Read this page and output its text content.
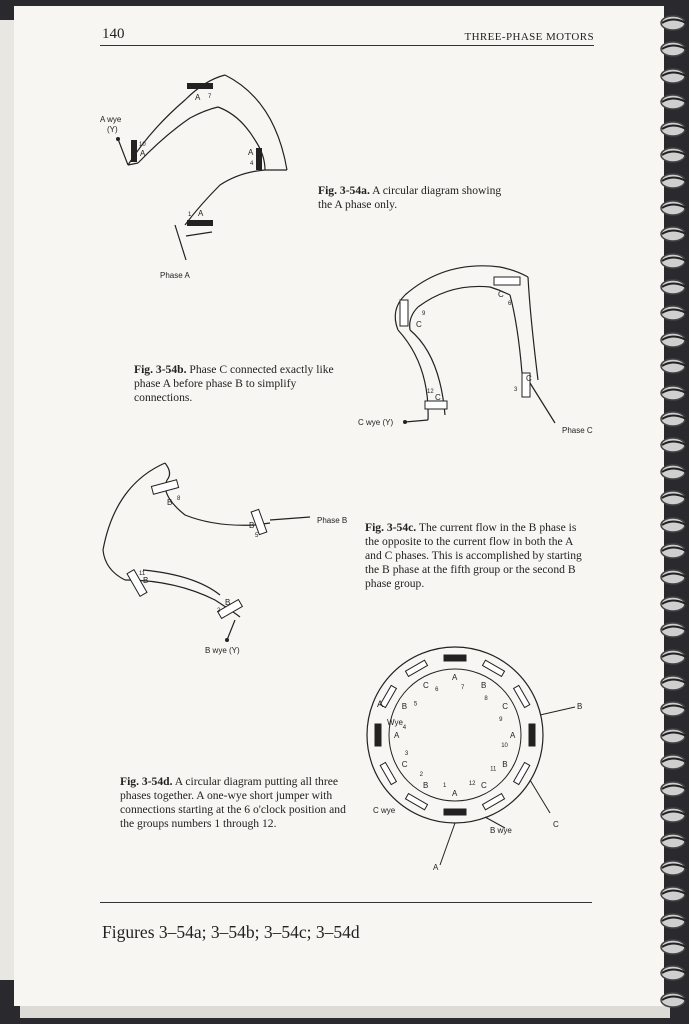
140	THREE-PHASE MOTORS
A wye
(Y)
Phase A
A 7
A
4
A
10
A
1
Fig. 3-54a. A circular diagram showing the A phase only.
C wye (Y)
Phase C
C
6
C
9
C
3
C
12
Fig. 3-54b. Phase C connected exactly like phase A before phase B to simplify connections.
B wye (Y)
Phase B
B 8
B
5
B
11
B
2
Fig. 3-54c. The current flow in the B phase is the opposite to the current flow in both the A and C phases. This is accomplished by starting the B phase at the fifth group or the second B phase group.
A
1
B
2
C
3
A
4
B 5
C
6
A
7 B
8
C
9
A
10
B
11
C
12
Wye
A
C wye
B wye
A
B
C
Fig. 3-54d. A circular diagram putting all three phases together. A one-wye short jumper with connections starting at the 6 o'clock position and the groups numbers 1 through 12.
Figures 3–54a; 3–54b; 3–54c; 3–54d
